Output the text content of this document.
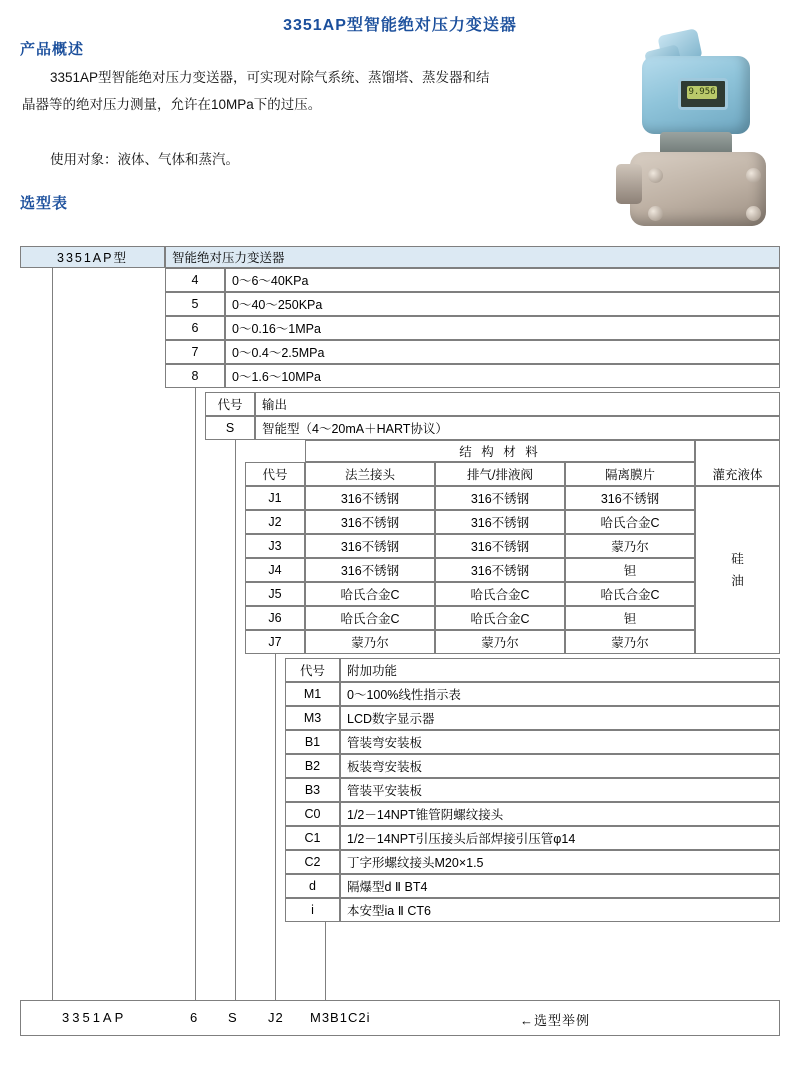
3351AP型智能绝对压力变送器
产品概述
3351AP型智能绝对压力变送器，可实现对除气系统、蒸馏塔、蒸发器和结晶器等的绝对压力测量，允许在10MPa下的过压。
使用对象：液体、气体和蒸汽。
选型表
9.956
3351AP型	智能绝对压力变送器
4	0～6～40KPa
5	0～40～250KPa
6	0～0.16～1MPa
7	0～0.4～2.5MPa
8	0～1.6～10MPa
代号	输出
S	智能型（4～20mA＋HART协议）
结 构 材 料
代号	法兰接头	排气/排液阀	隔离膜片	灌充液体
J1	316不锈钢	316不锈钢	316不锈钢
J2	316不锈钢	316不锈钢	哈氏合金C
J3	316不锈钢	316不锈钢	蒙乃尔
J4	316不锈钢	316不锈钢	钽
J5	哈氏合金C	哈氏合金C	哈氏合金C
J6	哈氏合金C	哈氏合金C	钽
J7	蒙乃尔	蒙乃尔	蒙乃尔
硅
油
代号	附加功能
M1	0～100%线性指示表
M3	LCD数字显示器
B1	管装弯安装板
B2	板装弯安装板
B3	管装平安装板
C0	1/2－14NPT锥管阴螺纹接头
C1	1/2－14NPT引压接头后部焊接引压管φ14
C2	丁字形螺纹接头M20×1.5
d	隔爆型d Ⅱ BT4
i	本安型ia Ⅱ CT6
3351AP	6 S J2 M3B1C2i	←选型举例
